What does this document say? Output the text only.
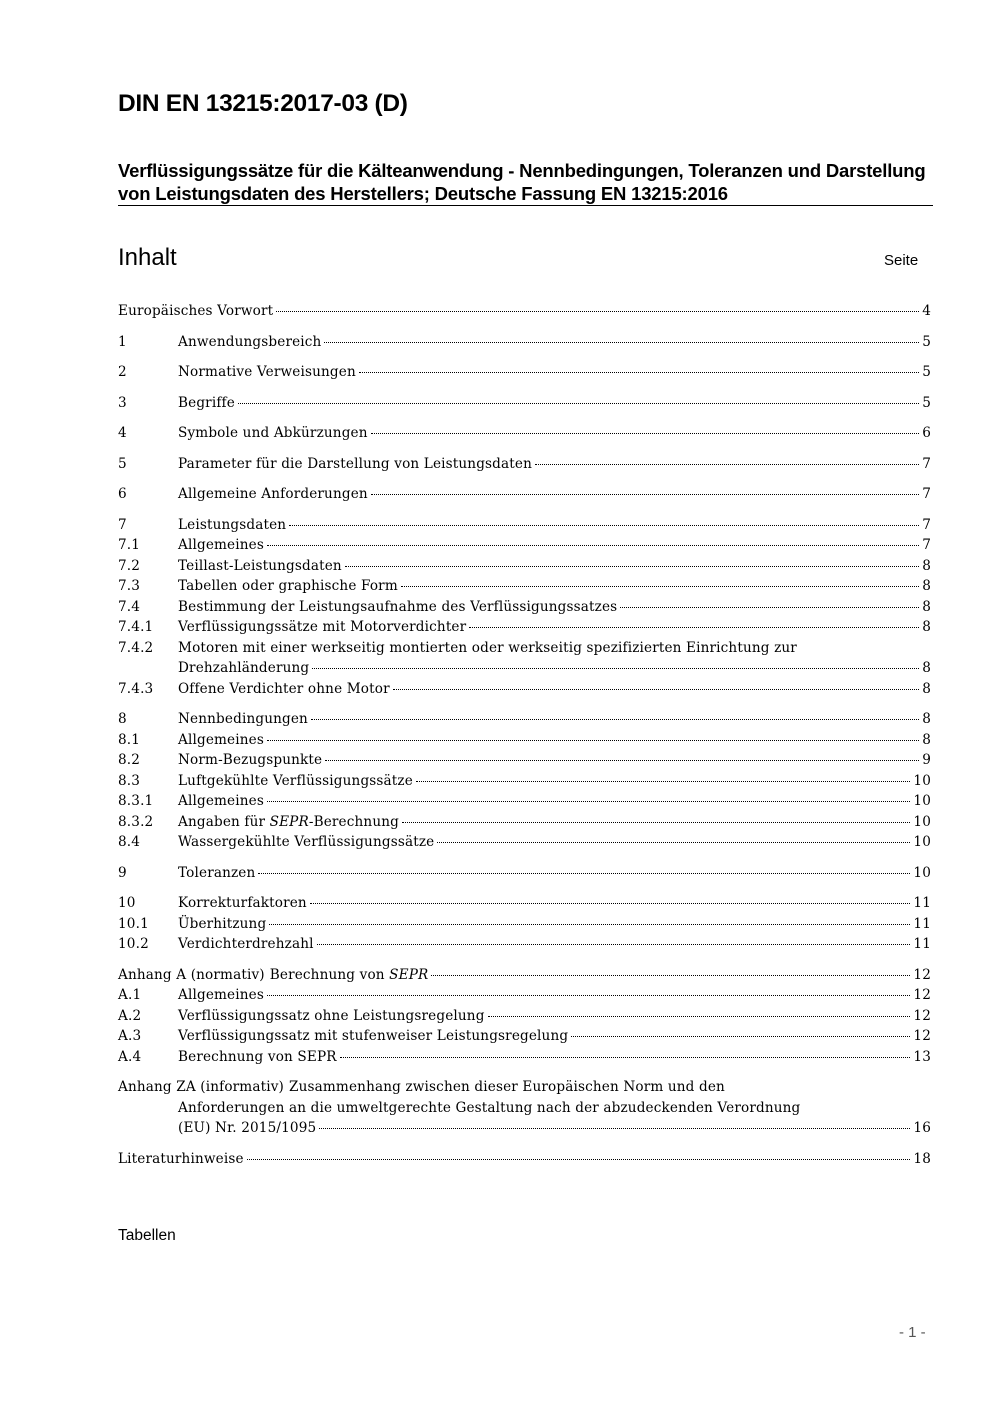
DIN EN 13215:2017-03 (D)
Verflüssigungssätze für die Kälteanwendung - Nennbedingungen, Toleranzen und Darstellung von Leistungsdaten des Herstellers; Deutsche Fassung EN 13215:2016
Inhalt	Seite
Europäisches Vorwort	4
1	Anwendungsbereich	5
2	Normative Verweisungen	5
3	Begriffe	5
4	Symbole und Abkürzungen	6
5	Parameter für die Darstellung von Leistungsdaten	7
6	Allgemeine Anforderungen	7
7	Leistungsdaten	7
7.1	Allgemeines	7
7.2	Teillast-Leistungsdaten	8
7.3	Tabellen oder graphische Form	8
7.4	Bestimmung der Leistungsaufnahme des Verflüssigungssatzes	8
7.4.1	Verflüssigungssätze mit Motorverdichter	8
7.4.2	Motoren mit einer werkseitig montierten oder werkseitig spezifizierten Einrichtung zur
Drehzahländerung	8
7.4.3	Offene Verdichter ohne Motor	8
8	Nennbedingungen	8
8.1	Allgemeines	8
8.2	Norm-Bezugspunkte	9
8.3	Luftgekühlte Verflüssigungssätze	10
8.3.1	Allgemeines	10
8.3.2	Angaben für SEPR-Berechnung	10
8.4	Wassergekühlte Verflüssigungssätze	10
9	Toleranzen	10
10	Korrekturfaktoren	11
10.1	Überhitzung	11
10.2	Verdichterdrehzahl	11
Anhang A (normativ) Berechnung von SEPR	12
A.1	Allgemeines	12
A.2	Verflüssigungssatz ohne Leistungsregelung	12
A.3	Verflüssigungssatz mit stufenweiser Leistungsregelung	12
A.4	Berechnung von SEPR	13
Anhang ZA (informativ) Zusammenhang zwischen dieser Europäischen Norm und den
Anforderungen an die umweltgerechte Gestaltung nach der abzudeckenden Verordnung
(EU) Nr. 2015/1095	16
Literaturhinweise	18
Tabellen
- 1 -
